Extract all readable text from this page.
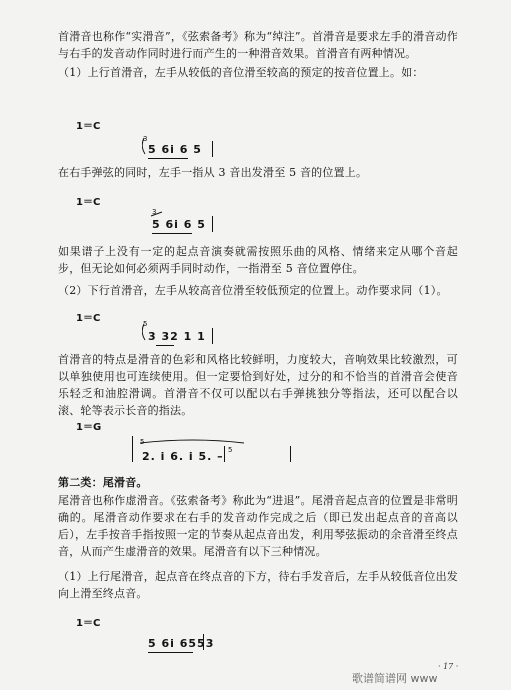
首滑音也称作“实滑音”，《弦索备考》称为“绰注”。首滑音是要求左手的滑音动作与右手的发音动作同时进行而产生的一种滑音效果。首滑音有两种情况。

（1）上行首滑音，左手从较低的音位滑至较高的预定的按音位置上。如：

1＝C
3
5 6i 6 5

在右手弹弦的同时，左手一指从 3 音出发滑至 5 音的位置上。

1＝C
3
5 6i 6 5

如果谱子上没有一定的起点音演奏就需按照乐曲的风格、情绪来定从哪个音起步，但无论如何必须两手同时动作，一指滑至 5 音位置停住。

（2）下行首滑音，左手从较高音位滑至较低预定的位置上。动作要求同（1）。

1＝C	5
3 32 1 1

首滑音的特点是滑音的色彩和风格比较鲜明，力度较大，音响效果比较激烈，可以单独使用也可连续使用。但一定要恰到好处，过分的和不恰当的首滑音会使音乐轻乏和油腔滑调。首滑音不仅可以配以右手弹挑独分等指法，还可以配合以滚、轮等表示长音的指法。

1＝G
5
2. i 6. i 5. – 5

第二类：尾滑音。

尾滑音也称作虚滑音。《弦索备考》称此为“进退”。尾滑音起点音的位置是非常明确的。尾滑音动作要求在右手的发音动作完成之后（即已发出起点音的音高以后），左手按音手指按照一定的节奏从起点音出发，利用琴弦振动的余音滑至终点音，从而产生虚滑音的效果。尾滑音有以下三种情况。

（1）上行尾滑音，起点音在终点音的下方，待右手发音后，左手从较低音位出发向上滑至终点音。

1＝C
5 6i 6553
· 17 ·
歌谱简谱网 www
